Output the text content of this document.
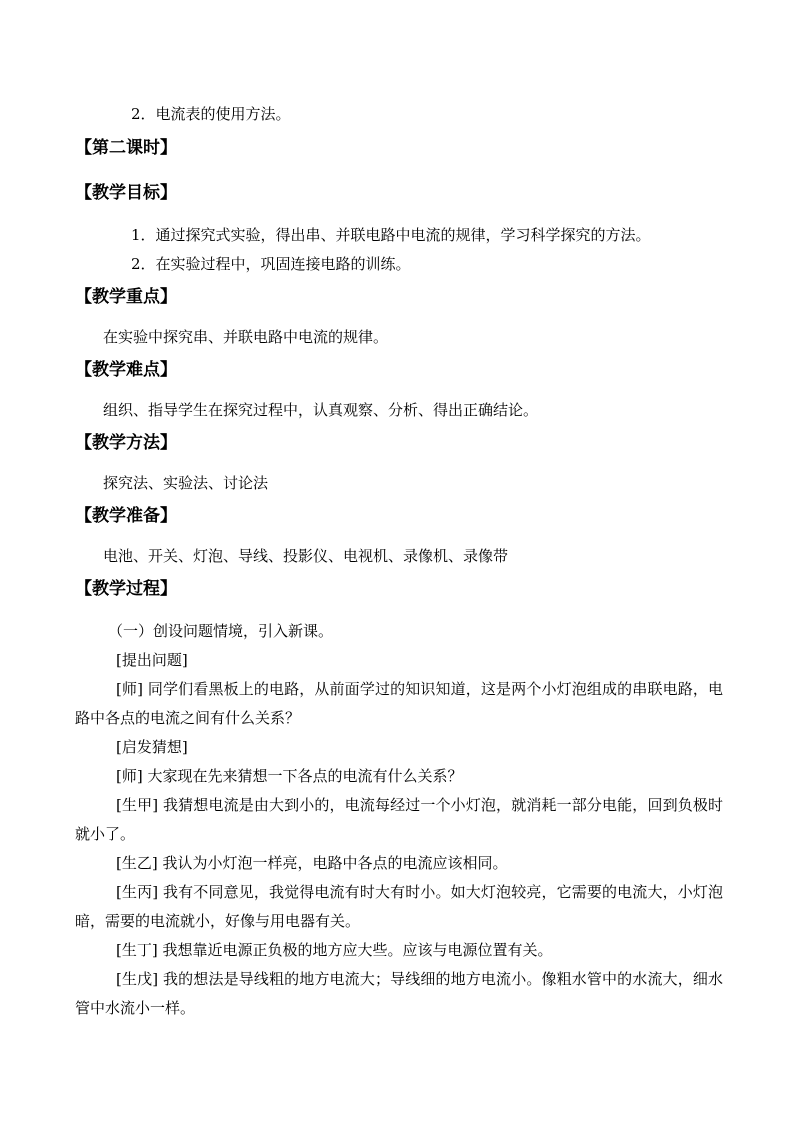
2．电流表的使用方法。
【第二课时】
【教学目标】
1．通过探究式实验，得出串、并联电路中电流的规律，学习科学探究的方法。
2．在实验过程中，巩固连接电路的训练。
【教学重点】
在实验中探究串、并联电路中电流的规律。
【教学难点】
组织、指导学生在探究过程中，认真观察、分析、得出正确结论。
【教学方法】
探究法、实验法、讨论法
【教学准备】
电池、开关、灯泡、导线、投影仪、电视机、录像机、录像带
【教学过程】
（一）创设问题情境，引入新课。
[提出问题]
[师] 同学们看黑板上的电路，从前面学过的知识知道，这是两个小灯泡组成的串联电路，电路中各点的电流之间有什么关系？
[启发猜想]
[师] 大家现在先来猜想一下各点的电流有什么关系？
[生甲] 我猜想电流是由大到小的，电流每经过一个小灯泡，就消耗一部分电能，回到负极时就小了。
[生乙] 我认为小灯泡一样亮，电路中各点的电流应该相同。
[生丙] 我有不同意见，我觉得电流有时大有时小。如大灯泡较亮，它需要的电流大，小灯泡暗，需要的电流就小，好像与用电器有关。
[生丁] 我想靠近电源正负极的地方应大些。应该与电源位置有关。
[生戊] 我的想法是导线粗的地方电流大；导线细的地方电流小。像粗水管中的水流大，细水管中水流小一样。
